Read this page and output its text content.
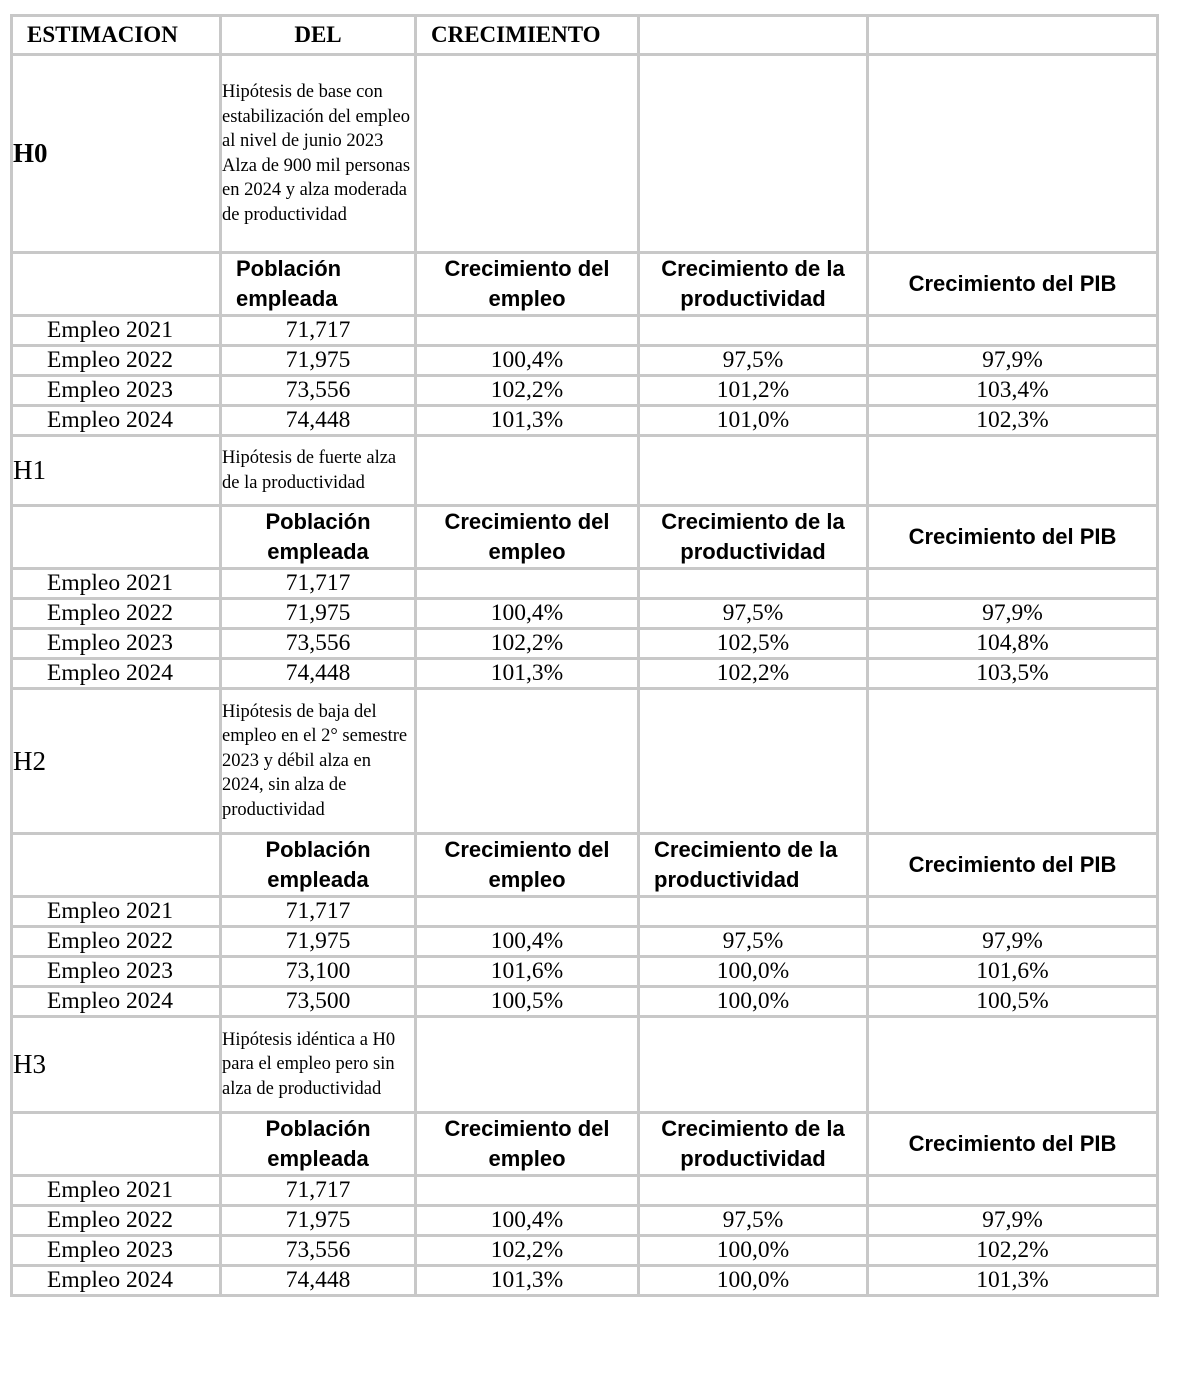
ESTIMACION	DEL	CRECIMIENTO		
H0	Hipótesis de base con estabilización del empleo al nivel de junio 2023 Alza de 900 mil personas en 2024 y alza moderada de productividad			
	Población empleada	Crecimiento del empleo	Crecimiento de la productividad	Crecimiento del PIB
Empleo 2021	71,717			
Empleo 2022	71,975	100,4%	97,5%	97,9%
Empleo 2023	73,556	102,2%	101,2%	103,4%
Empleo 2024	74,448	101,3%	101,0%	102,3%
H1	Hipótesis de fuerte alza de la productividad			
	Población empleada	Crecimiento del empleo	Crecimiento de la productividad	Crecimiento del PIB
Empleo 2021	71,717			
Empleo 2022	71,975	100,4%	97,5%	97,9%
Empleo 2023	73,556	102,2%	102,5%	104,8%
Empleo 2024	74,448	101,3%	102,2%	103,5%
H2	Hipótesis de baja del empleo en el 2° semestre 2023 y débil alza en 2024, sin alza de productividad			
	Población empleada	Crecimiento del empleo	Crecimiento de la productividad	Crecimiento del PIB
Empleo 2021	71,717			
Empleo 2022	71,975	100,4%	97,5%	97,9%
Empleo 2023	73,100	101,6%	100,0%	101,6%
Empleo 2024	73,500	100,5%	100,0%	100,5%
H3	Hipótesis idéntica a H0 para el empleo pero sin alza de productividad			
	Población empleada	Crecimiento del empleo	Crecimiento de la productividad	Crecimiento del PIB
Empleo 2021	71,717			
Empleo 2022	71,975	100,4%	97,5%	97,9%
Empleo 2023	73,556	102,2%	100,0%	102,2%
Empleo 2024	74,448	101,3%	100,0%	101,3%
